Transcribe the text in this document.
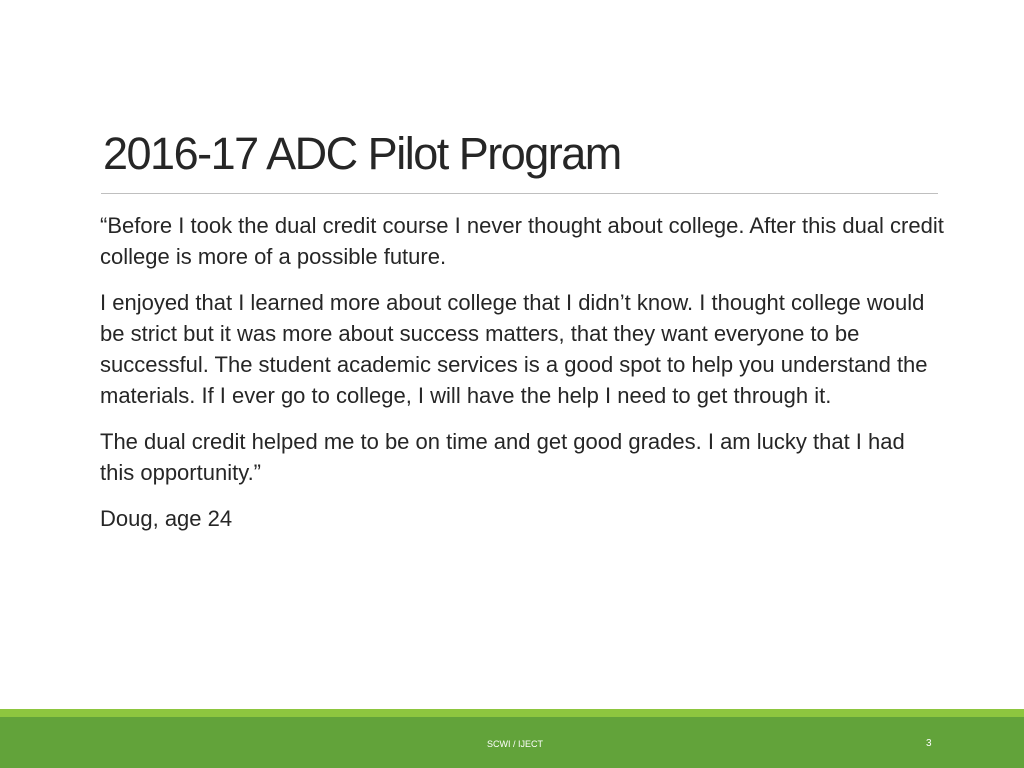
2016-17 ADC Pilot Program

“Before I took the dual credit course I never thought about college. After this dual credit college is more of a possible future.

I enjoyed that I learned more about college that I didn’t know. I thought college would be strict but it was more about success matters, that they want everyone to be successful. The student academic services is a good spot to help you understand the materials. If I ever go to college, I will have the help I need to get through it.

The dual credit helped me to be on time and get good grades. I am lucky that I had this opportunity.”

Doug, age 24

SCWI / IJECT	3
